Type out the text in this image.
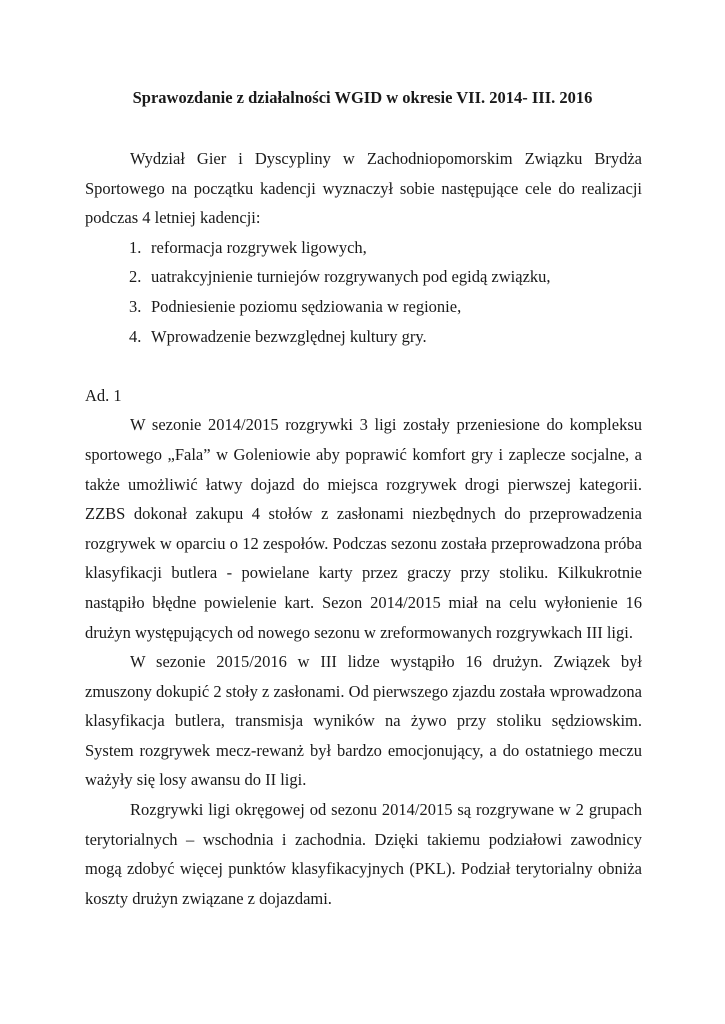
Sprawozdanie z działalności WGID w okresie VII. 2014- III. 2016

Wydział Gier i Dyscypliny w Zachodniopomorskim Związku Brydża Sportowego na początku kadencji wyznaczył sobie następujące cele do realizacji podczas 4 letniej kadencji:

1. reformacja rozgrywek ligowych,
2. uatrakcyjnienie turniejów rozgrywanych pod egidą związku,
3. Podniesienie poziomu sędziowania w regionie,
4. Wprowadzenie bezwzględnej kultury gry.

Ad. 1

W sezonie 2014/2015 rozgrywki 3 ligi zostały przeniesione do kompleksu sportowego „Fala” w Goleniowie aby poprawić komfort gry i zaplecze socjalne, a także umożliwić łatwy dojazd do miejsca rozgrywek drogi pierwszej kategorii. ZZBS dokonał zakupu 4 stołów z zasłonami niezbędnych do przeprowadzenia rozgrywek w oparciu o 12 zespołów. Podczas sezonu została przeprowadzona próba klasyfikacji butlera - powielane karty przez graczy przy stoliku. Kilkukrotnie nastąpiło błędne powielenie kart. Sezon 2014/2015 miał na celu wyłonienie 16 drużyn występujących od nowego sezonu w zreformowanych rozgrywkach III ligi.

W sezonie 2015/2016 w III lidze wystąpiło 16 drużyn. Związek był zmuszony dokupić 2 stoły z zasłonami. Od pierwszego zjazdu została wprowadzona klasyfikacja butlera, transmisja wyników na żywo przy stoliku sędziowskim. System rozgrywek mecz-rewanż był bardzo emocjonujący, a do ostatniego meczu ważyły się losy awansu do II ligi.

Rozgrywki ligi okręgowej od sezonu 2014/2015 są rozgrywane w 2 grupach terytorialnych – wschodnia i zachodnia. Dzięki takiemu podziałowi zawodnicy mogą zdobyć więcej punktów klasyfikacyjnych (PKL). Podział terytorialny obniża koszty drużyn związane z dojazdami.
